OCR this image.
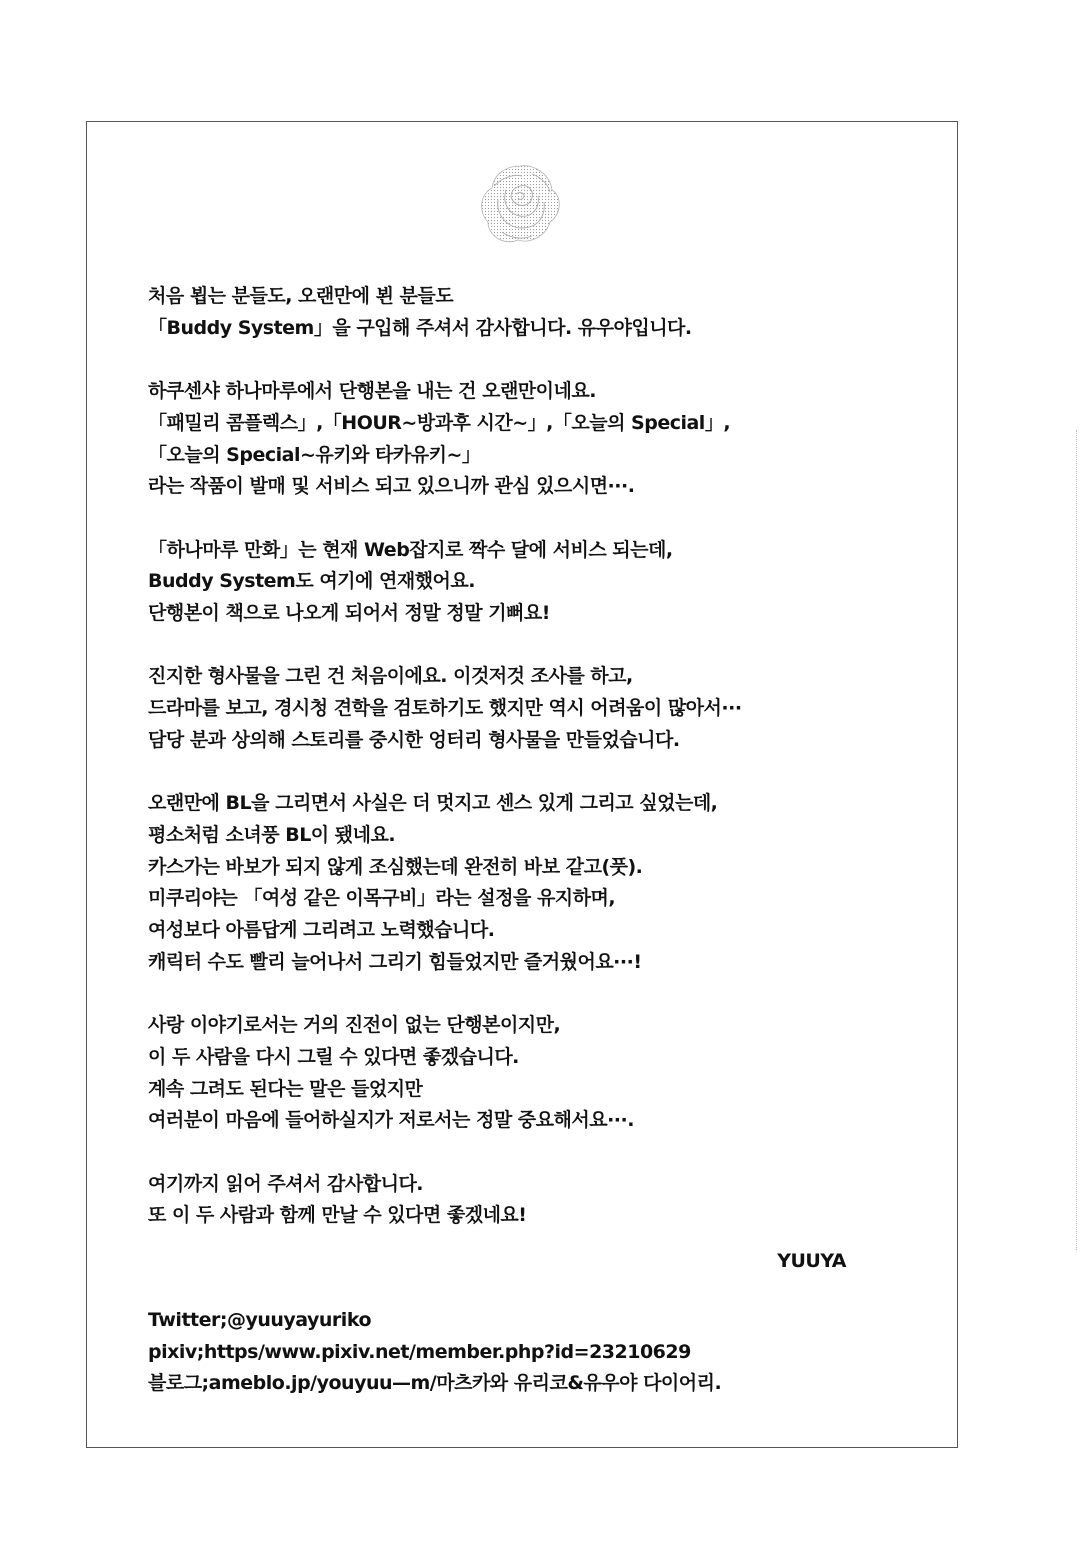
처음 뵙는 분들도, 오랜만에 뵌 분들도
「Buddy System」을 구입해 주셔서 감사합니다. 유우야입니다.
하쿠센샤 하나마루에서 단행본을 내는 건 오랜만이네요.
「패밀리 콤플렉스」,「HOUR~방과후 시간~」,「오늘의 Special」,
「오늘의 Special~유키와 타카유키~」
라는 작품이 발매 및 서비스 되고 있으니까 관심 있으시면···.
「하나마루 만화」는 현재 Web잡지로 짝수 달에 서비스 되는데,
Buddy System도 여기에 연재했어요.
단행본이 책으로 나오게 되어서 정말 정말 기뻐요!
진지한 형사물을 그린 건 처음이에요. 이것저것 조사를 하고,
드라마를 보고, 경시청 견학을 검토하기도 했지만 역시 어려움이 많아서···
담당 분과 상의해 스토리를 중시한 엉터리 형사물을 만들었습니다.
오랜만에 BL을 그리면서 사실은 더 멋지고 센스 있게 그리고 싶었는데,
평소처럼 소녀풍 BL이 됐네요.
카스가는 바보가 되지 않게 조심했는데 완전히 바보 같고(풋).
미쿠리야는 「여성 같은 이목구비」라는 설정을 유지하며,
여성보다 아름답게 그리려고 노력했습니다.
캐릭터 수도 빨리 늘어나서 그리기 힘들었지만 즐거웠어요···!
사랑 이야기로서는 거의 진전이 없는 단행본이지만,
이 두 사람을 다시 그릴 수 있다면 좋겠습니다.
계속 그려도 된다는 말은 들었지만
여러분이 마음에 들어하실지가 저로서는 정말 중요해서요···.
여기까지 읽어 주셔서 감사합니다.
또 이 두 사람과 함께 만날 수 있다면 좋겠네요!
YUUYA
Twitter;@yuuyayuriko
pixiv;https/www.pixiv.net/member.php?id=23210629
블로그;ameblo.jp/youyuu—m/마츠카와 유리코&유우야 다이어리.
